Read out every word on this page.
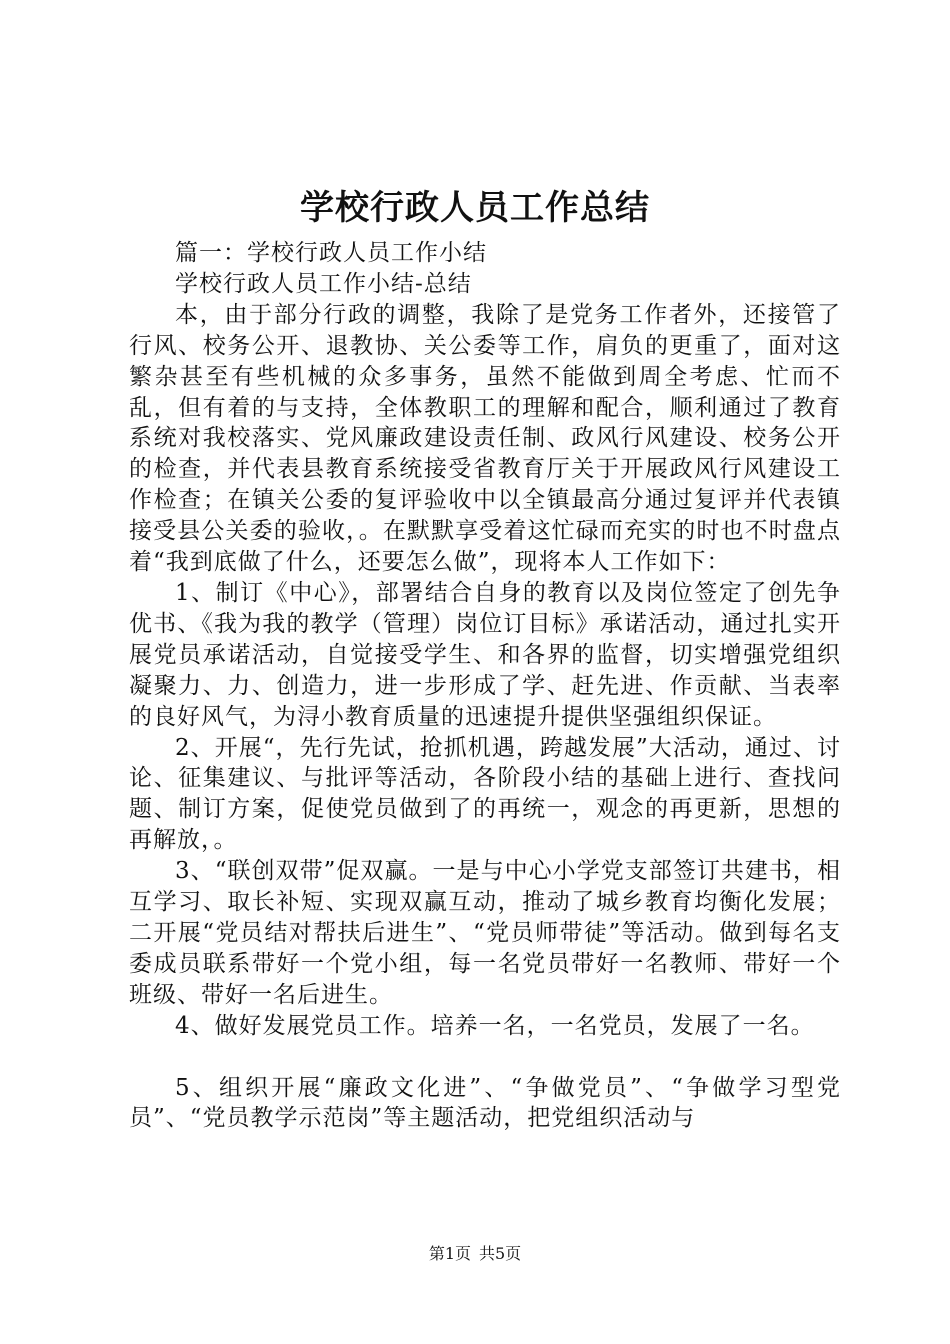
学校行政人员工作总结

篇一：学校行政人员工作小结

学校行政人员工作小结-总结

本，由于部分行政的调整，我除了是党务工作者外，还接管了行风、校务公开、退教协、关公委等工作，肩负的更重了，面对这繁杂甚至有些机械的众多事务，虽然不能做到周全考虑、忙而不乱，但有着的与支持，全体教职工的理解和配合，顺利通过了教育系统对我校落实、党风廉政建设责任制、政风行风建设、校务公开的检查，并代表县教育系统接受省教育厅关于开展政风行风建设工作检查；在镇关公委的复评验收中以全镇最高分通过复评并代表镇接受县公关委的验收，。在默默享受着这忙碌而充实的时也不时盘点着“我到底做了什么，还要怎么做”，现将本人工作如下：

1、制订《中心》，部署结合自身的教育以及岗位签定了创先争优书、《我为我的教学（管理）岗位订目标》承诺活动，通过扎实开展党员承诺活动，自觉接受学生、和各界的监督，切实增强党组织凝聚力、力、创造力，进一步形成了学、赶先进、作贡献、当表率的良好风气，为浔小教育质量的迅速提升提供坚强组织保证。

2、开展“，先行先试，抢抓机遇，跨越发展”大活动，通过、讨论、征集建议、与批评等活动，各阶段小结的基础上进行、查找问题、制订方案，促使党员做到了的再统一，观念的再更新，思想的再解放，。

3、“联创双带”促双赢。一是与中心小学党支部签订共建书，相互学习、取长补短、实现双赢互动，推动了城乡教育均衡化发展；二开展“党员结对帮扶后进生”、“党员师带徒”等活动。做到每名支委成员联系带好一个党小组，每一名党员带好一名教师、带好一个班级、带好一名后进生。

4、做好发展党员工作。培养一名，一名党员，发展了一名。

5、组织开展“廉政文化进”、“争做党员”、“争做学习型党员”、“党员教学示范岗”等主题活动，把党组织活动与

第1页 共5页
